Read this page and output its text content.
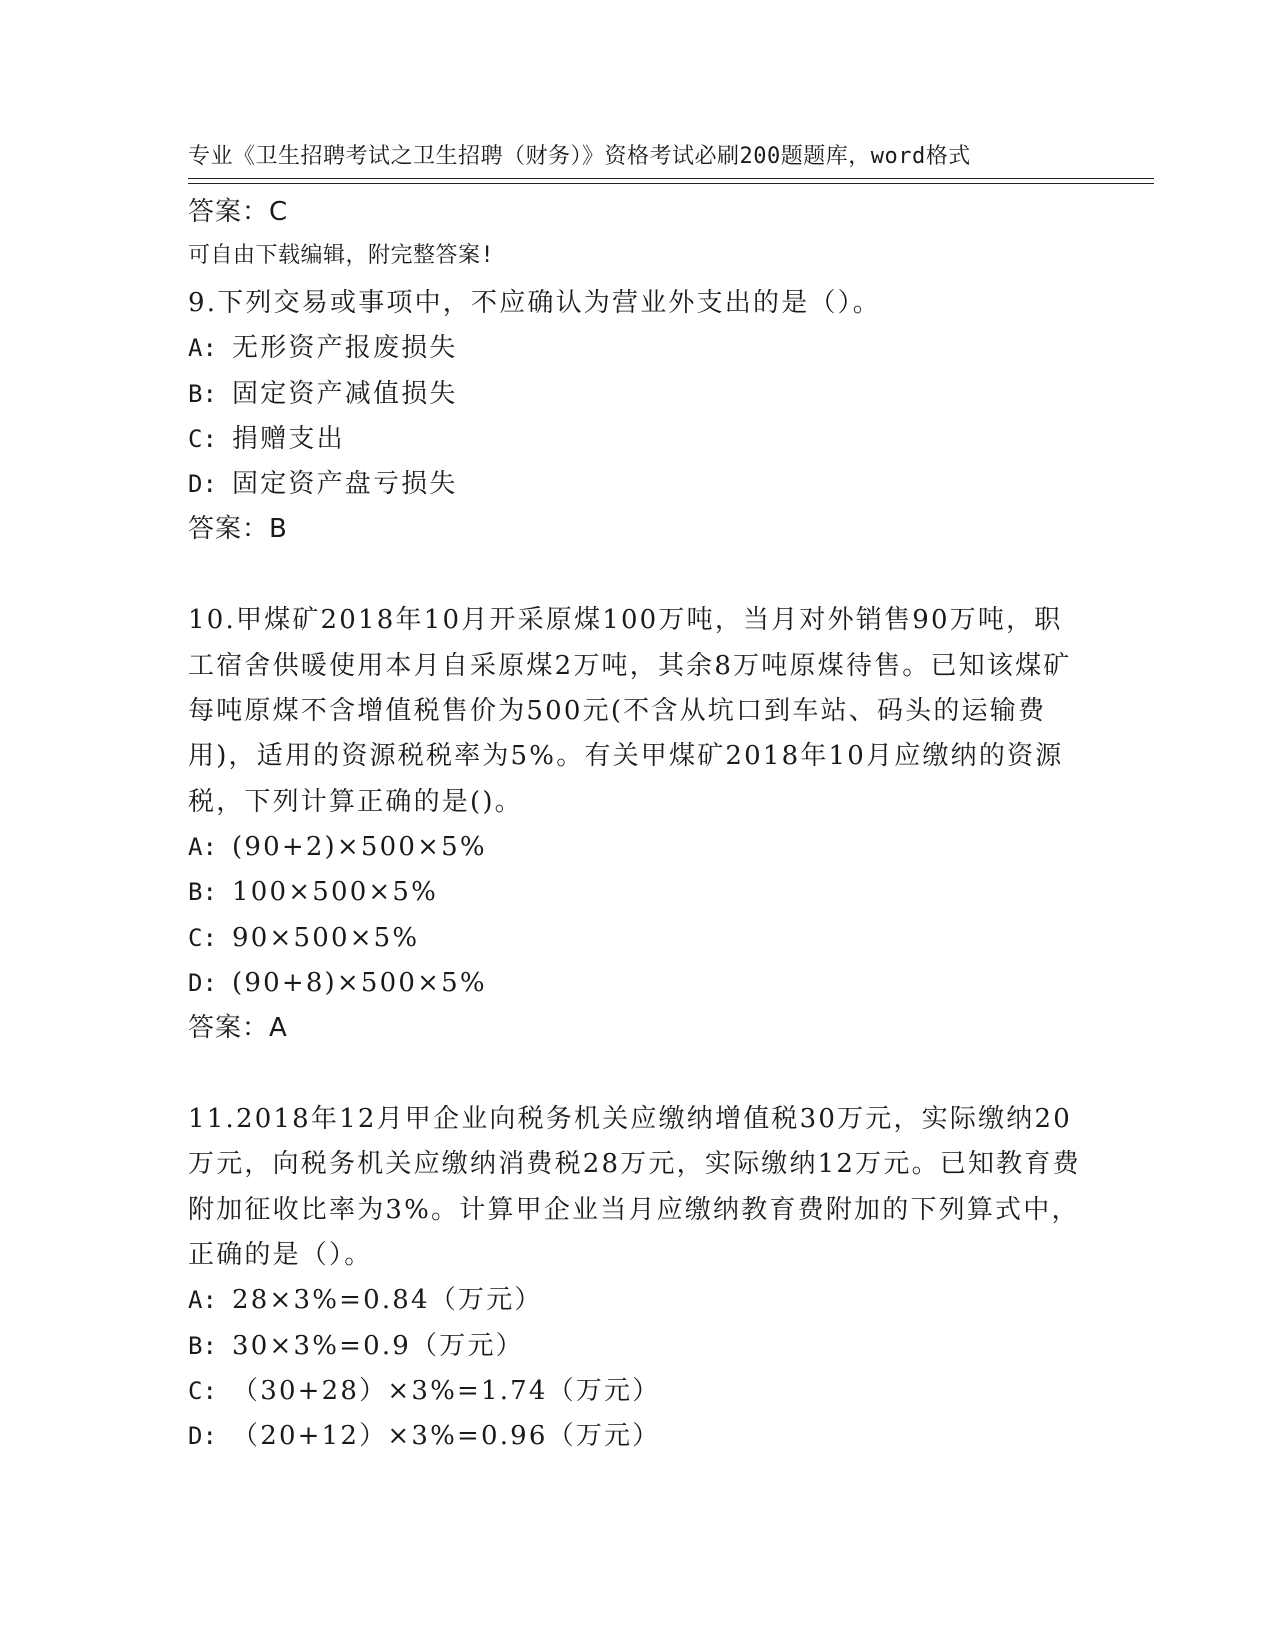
专业《卫生招聘考试之卫生招聘（财务）》资格考试必刷200题题库，word格式

可自由下载编辑，附完整答案!

答案：C

9.下列交易或事项中，不应确认为营业外支出的是（）。

A: 无形资产报废损失

B: 固定资产减值损失

C: 捐赠支出

D: 固定资产盘亏损失

答案：B

10.甲煤矿2018年10月开采原煤100万吨，当月对外销售90万吨，职工宿舍供暖使用本月自采原煤2万吨，其余8万吨原煤待售。已知该煤矿每吨原煤不含增值税售价为500元(不含从坑口到车站、码头的运输费用)，适用的资源税税率为5%。有关甲煤矿2018年10月应缴纳的资源税，下列计算正确的是()。

A: (90+2)×500×5%

B: 100×500×5%

C: 90×500×5%

D: (90+8)×500×5%

答案：A

11.2018年12月甲企业向税务机关应缴纳增值税30万元，实际缴纳20万元，向税务机关应缴纳消费税28万元，实际缴纳12万元。已知教育费附加征收比率为3%。计算甲企业当月应缴纳教育费附加的下列算式中，正确的是（）。

A: 28×3%=0.84（万元）

B: 30×3%=0.9（万元）

C: （30+28）×3%=1.74（万元）

D: （20+12）×3%=0.96（万元）
